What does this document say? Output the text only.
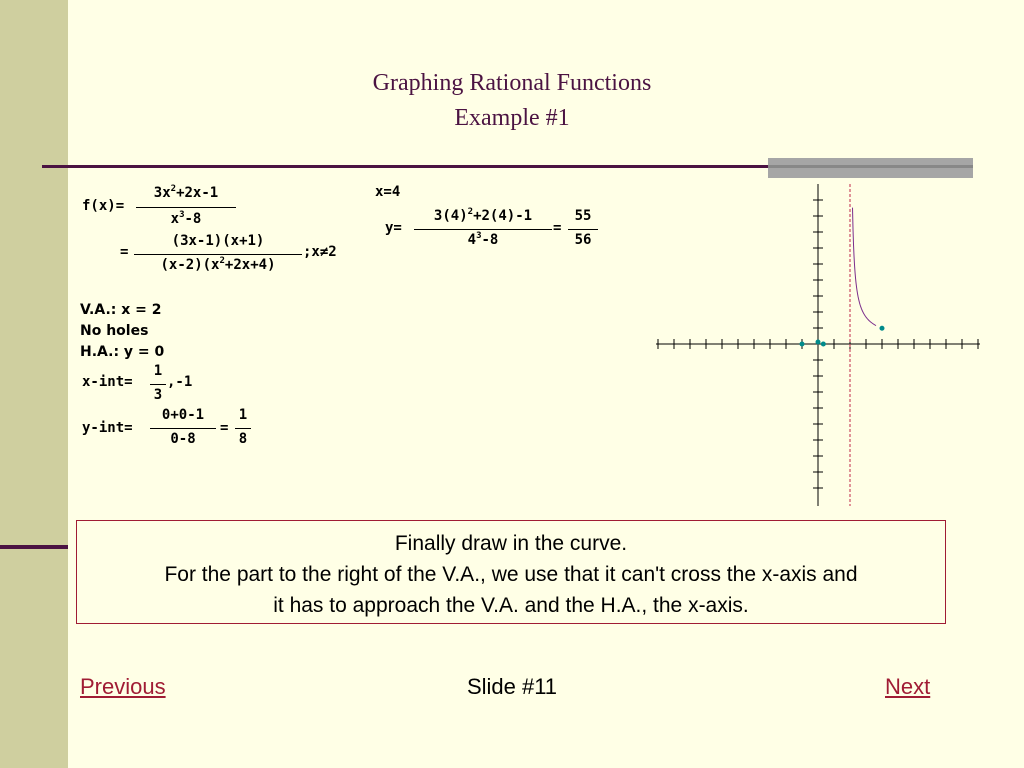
Graphing Rational Functions
Example #1
f(x)=
$3x^2+2x-1$
$x^3-8$
=
(3x-1)(x+1)
$(x-2)(x^2+2x+4)$
;x≠2
x=4
y=
$3(4)^2+2(4)-1$
$4^3-8$
=
55
56
V.A.: x = 2
No holes
H.A.: y = 0
x-int=
1
3
,-1
y-int=
0+0-1
0-8
=
1
8
Finally draw in the curve.
For the part to the right of the V.A., we use that it can't cross the x-axis and
it has to approach the V.A. and the H.A., the x-axis.
Previous	Slide #11	Next
